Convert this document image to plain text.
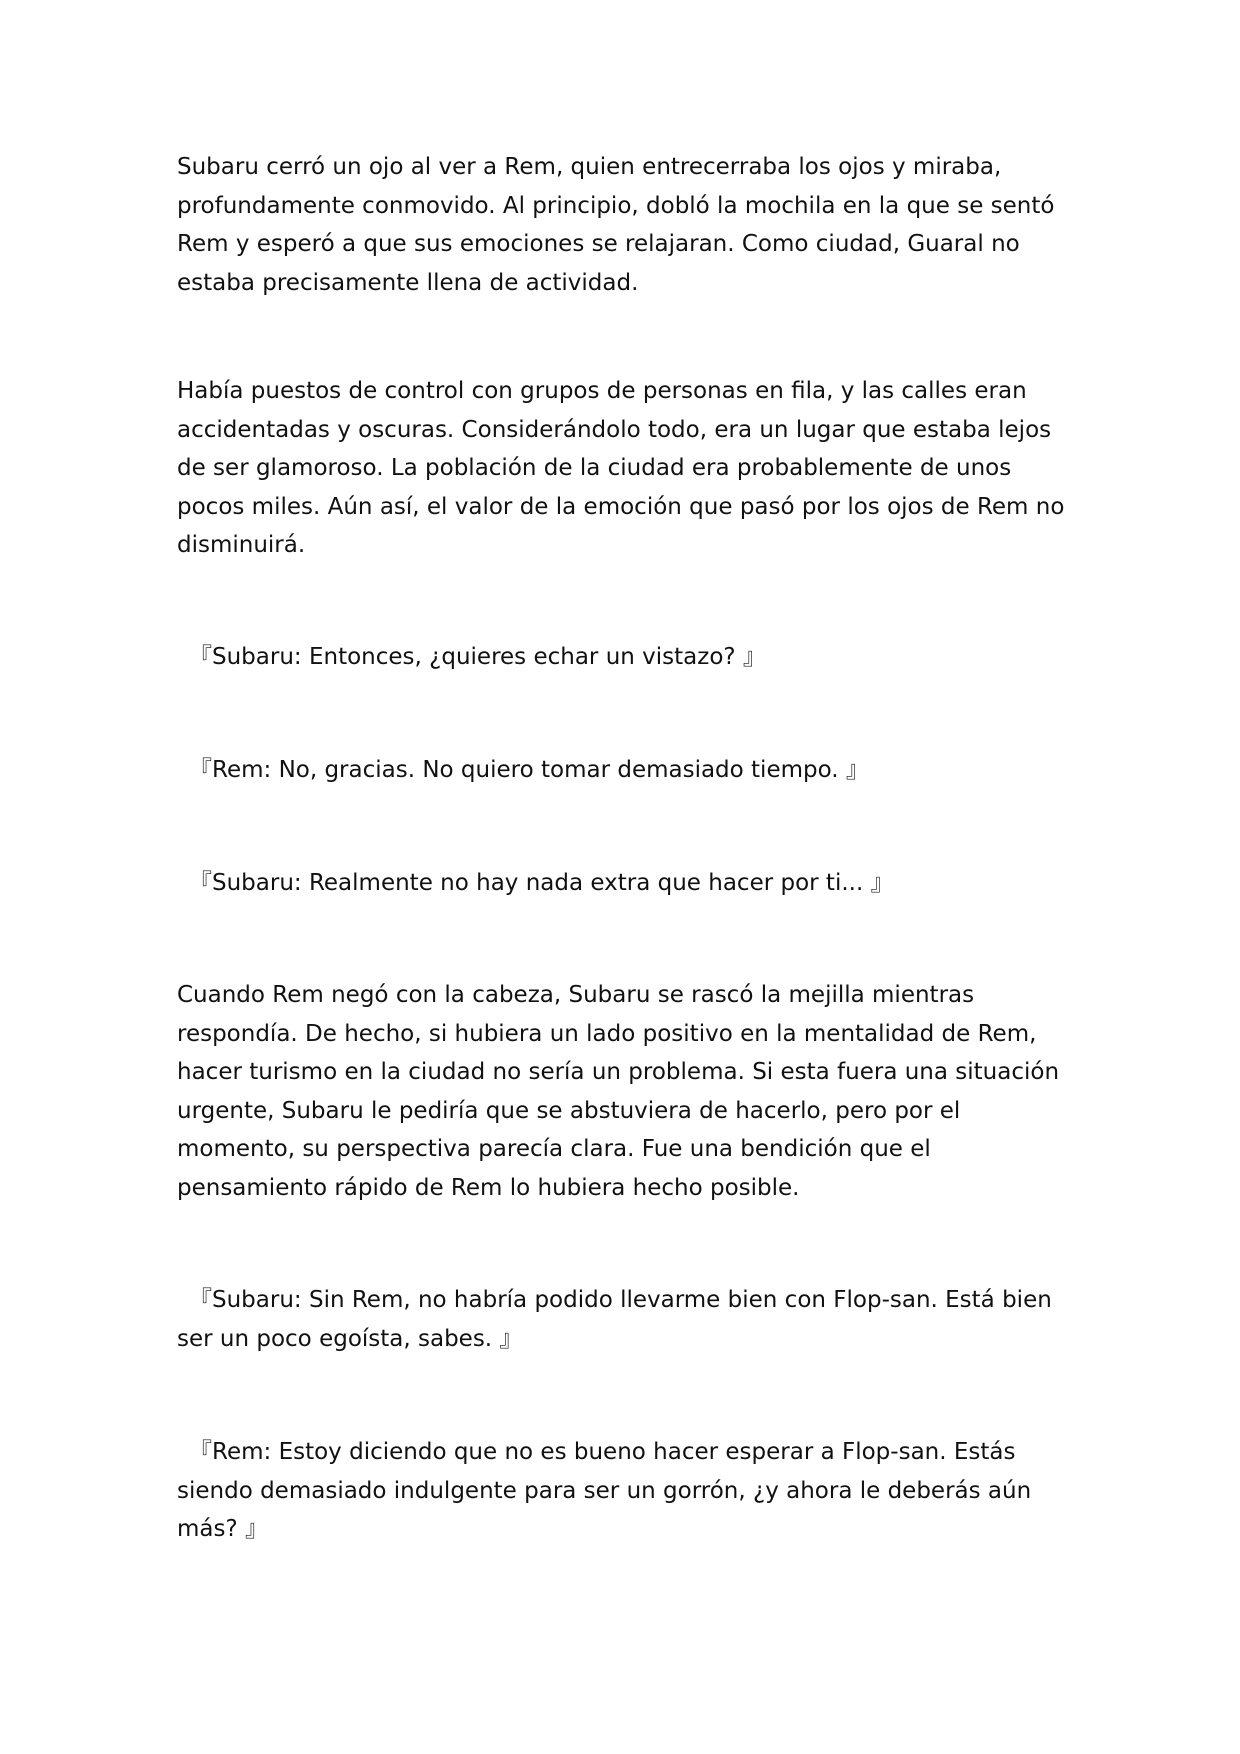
Subaru cerró un ojo al ver a Rem, quien entrecerraba los ojos y miraba, profundamente conmovido. Al principio, dobló la mochila en la que se sentó Rem y esperó a que sus emociones se relajaran. Como ciudad, Guaral no estaba precisamente llena de actividad.

Había puestos de control con grupos de personas en fila, y las calles eran accidentadas y oscuras. Considerándolo todo, era un lugar que estaba lejos de ser glamoroso. La población de la ciudad era probablemente de unos pocos miles. Aún así, el valor de la emoción que pasó por los ojos de Rem no disminuirá.

『Subaru: Entonces, ¿quieres echar un vistazo? 』

『Rem: No, gracias. No quiero tomar demasiado tiempo. 』

『Subaru: Realmente no hay nada extra que hacer por ti... 』

Cuando Rem negó con la cabeza, Subaru se rascó la mejilla mientras respondía. De hecho, si hubiera un lado positivo en la mentalidad de Rem, hacer turismo en la ciudad no sería un problema. Si esta fuera una situación urgente, Subaru le pediría que se abstuviera de hacerlo, pero por el momento, su perspectiva parecía clara. Fue una bendición que el pensamiento rápido de Rem lo hubiera hecho posible.

『Subaru: Sin Rem, no habría podido llevarme bien con Flop-san. Está bien ser un poco egoísta, sabes. 』

『Rem: Estoy diciendo que no es bueno hacer esperar a Flop-san. Estás siendo demasiado indulgente para ser un gorrón, ¿y ahora le deberás aún más? 』
